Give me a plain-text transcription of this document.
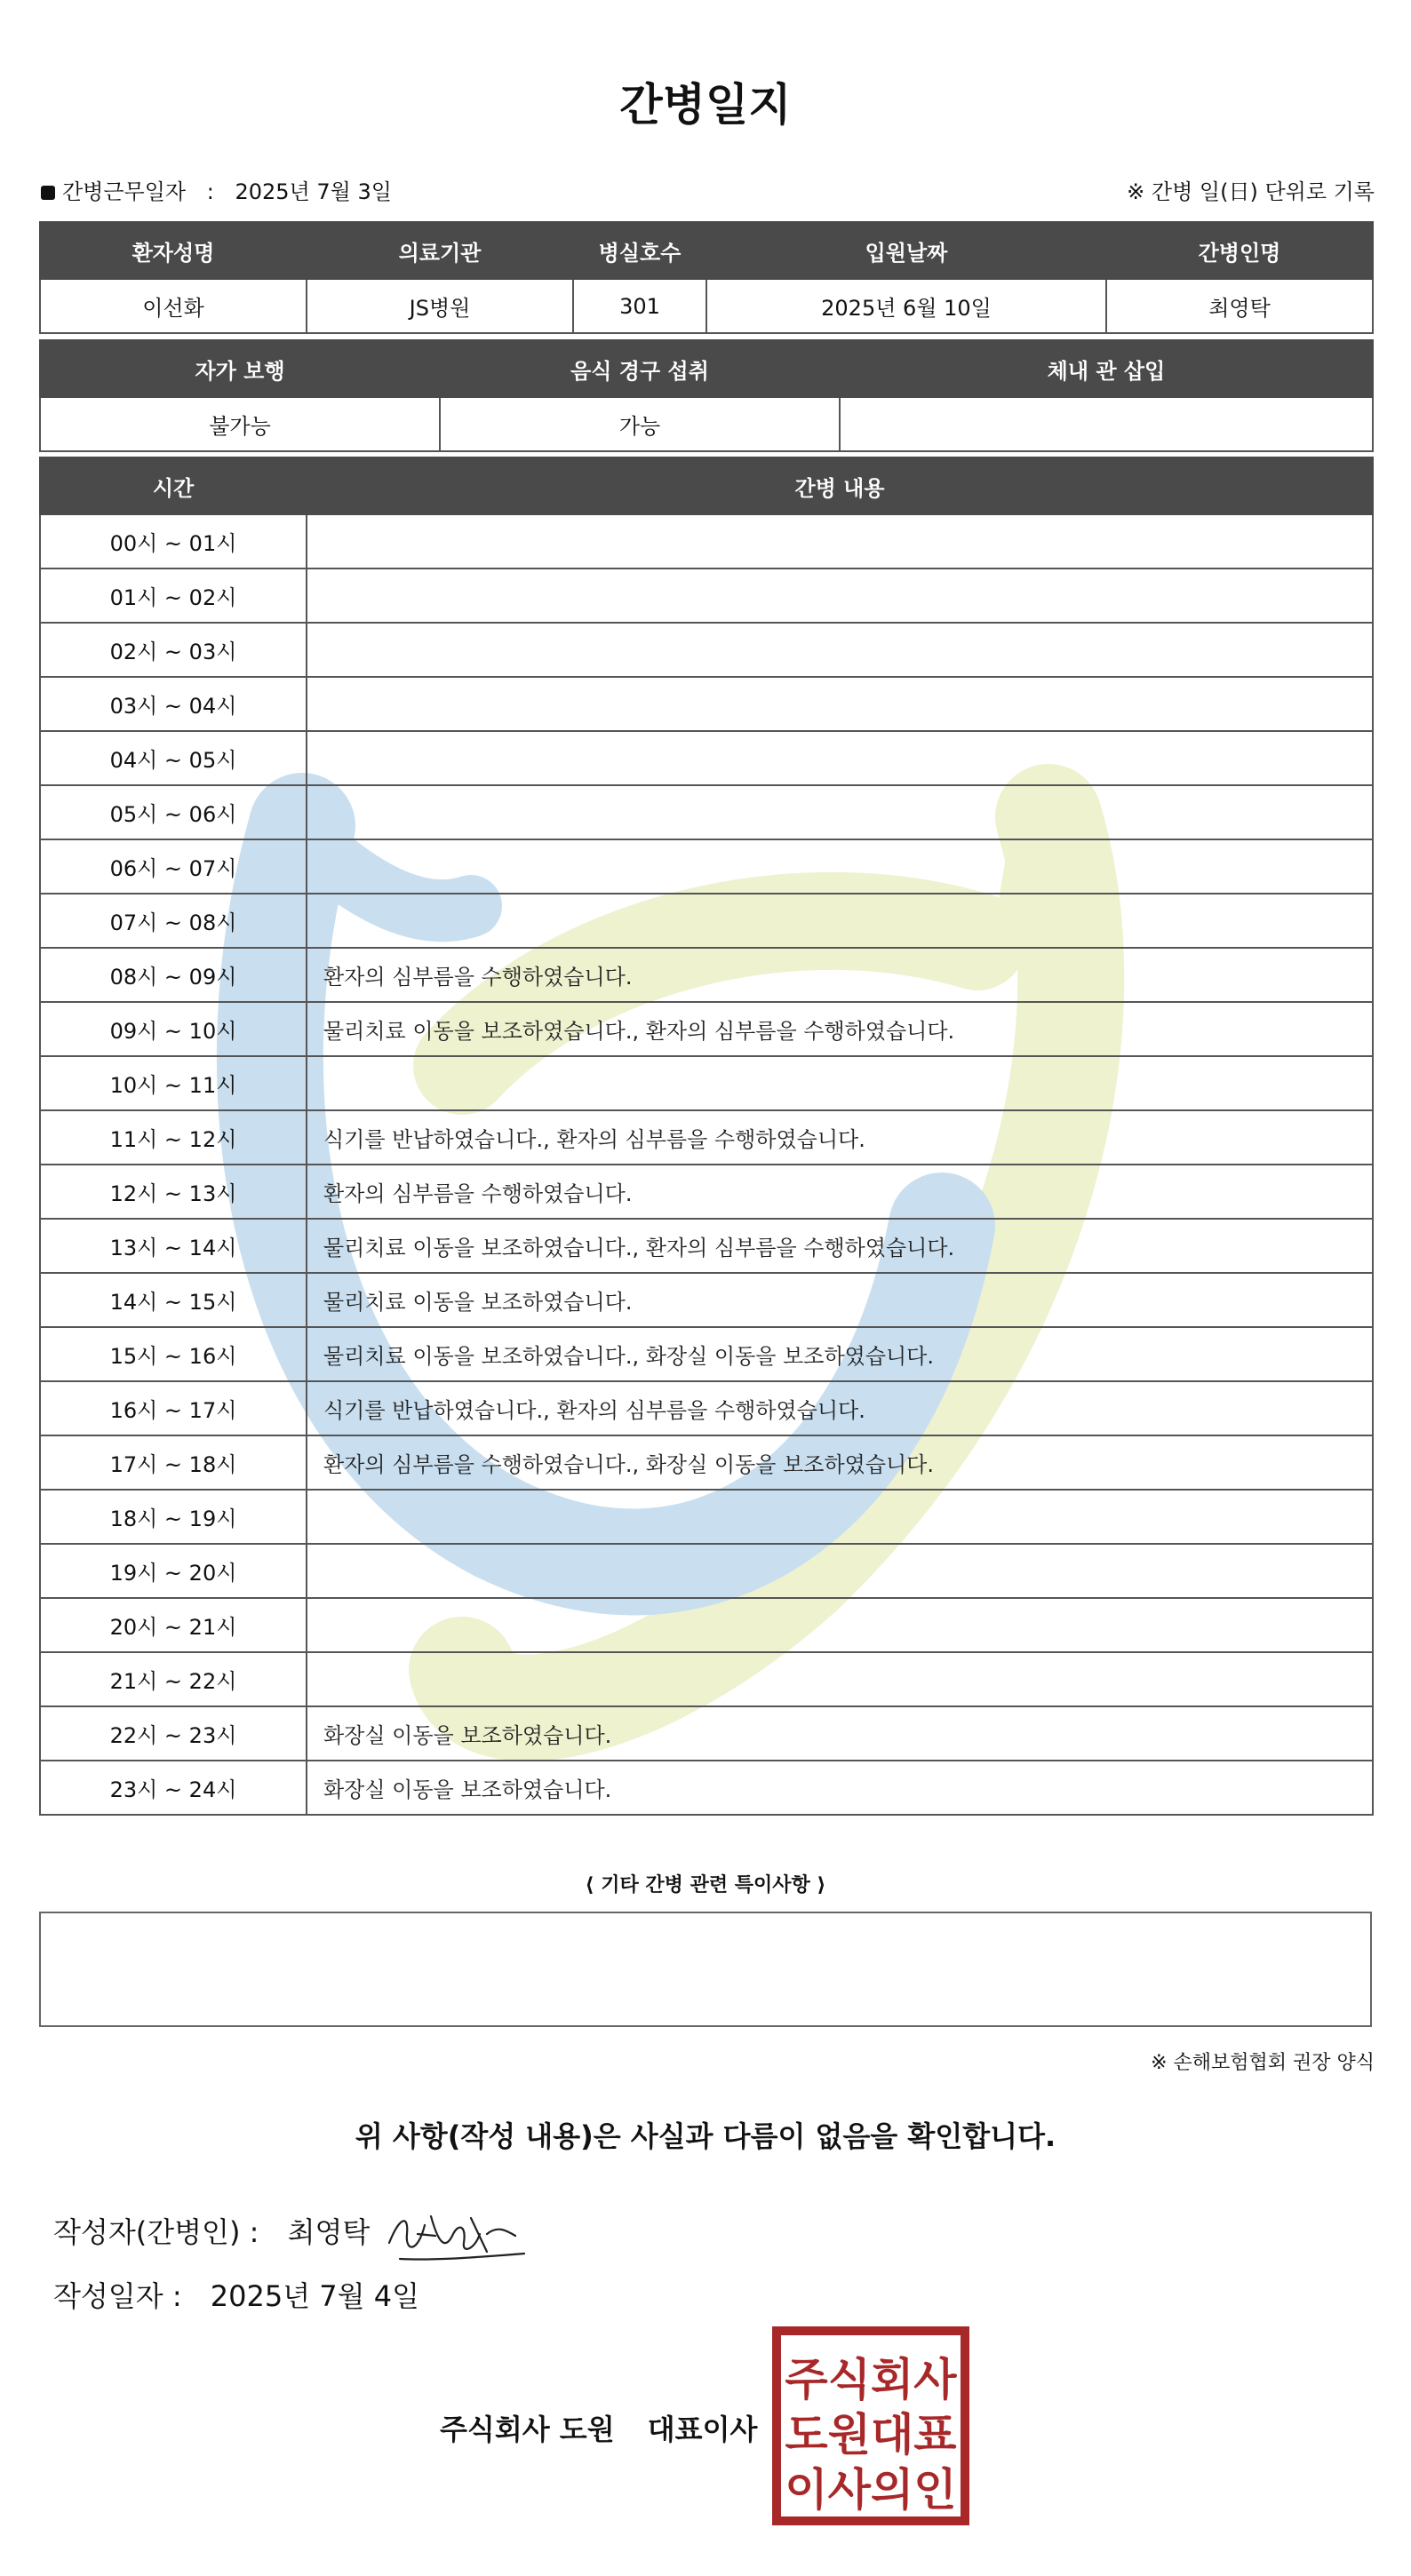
간병일지
간병근무일자 : 2025년 7월 3일	※ 간병 일(日) 단위로 기록
환자성명	의료기관	병실호수	입원날짜	간병인명
이선화	JS병원	301	2025년 6월 10일	최영탁
자가 보행	음식 경구 섭취	체내 관 삽입
불가능	가능	
시간	간병 내용
00시 ~ 01시	
01시 ~ 02시	
02시 ~ 03시	
03시 ~ 04시	
04시 ~ 05시	
05시 ~ 06시	
06시 ~ 07시	
07시 ~ 08시	
08시 ~ 09시	환자의 심부름을 수행하였습니다.
09시 ~ 10시	물리치료 이동을 보조하였습니다., 환자의 심부름을 수행하였습니다.
10시 ~ 11시	
11시 ~ 12시	식기를 반납하였습니다., 환자의 심부름을 수행하였습니다.
12시 ~ 13시	환자의 심부름을 수행하였습니다.
13시 ~ 14시	물리치료 이동을 보조하였습니다., 환자의 심부름을 수행하였습니다.
14시 ~ 15시	물리치료 이동을 보조하였습니다.
15시 ~ 16시	물리치료 이동을 보조하였습니다., 화장실 이동을 보조하였습니다.
16시 ~ 17시	식기를 반납하였습니다., 환자의 심부름을 수행하였습니다.
17시 ~ 18시	환자의 심부름을 수행하였습니다., 화장실 이동을 보조하였습니다.
18시 ~ 19시	
19시 ~ 20시	
20시 ~ 21시	
21시 ~ 22시	
22시 ~ 23시	화장실 이동을 보조하였습니다.
23시 ~ 24시	화장실 이동을 보조하였습니다.
⟨ 기타 간병 관련 특이사항 ⟩
※ 손해보험협회 권장 양식
위 사항(작성 내용)은 사실과 다름이 없음을 확인합니다.
작성자(간병인) : 최영탁
작성일자 : 2025년 7월 4일
주식회사 도원 대표이사
주식회사
도원대표
이사의인
